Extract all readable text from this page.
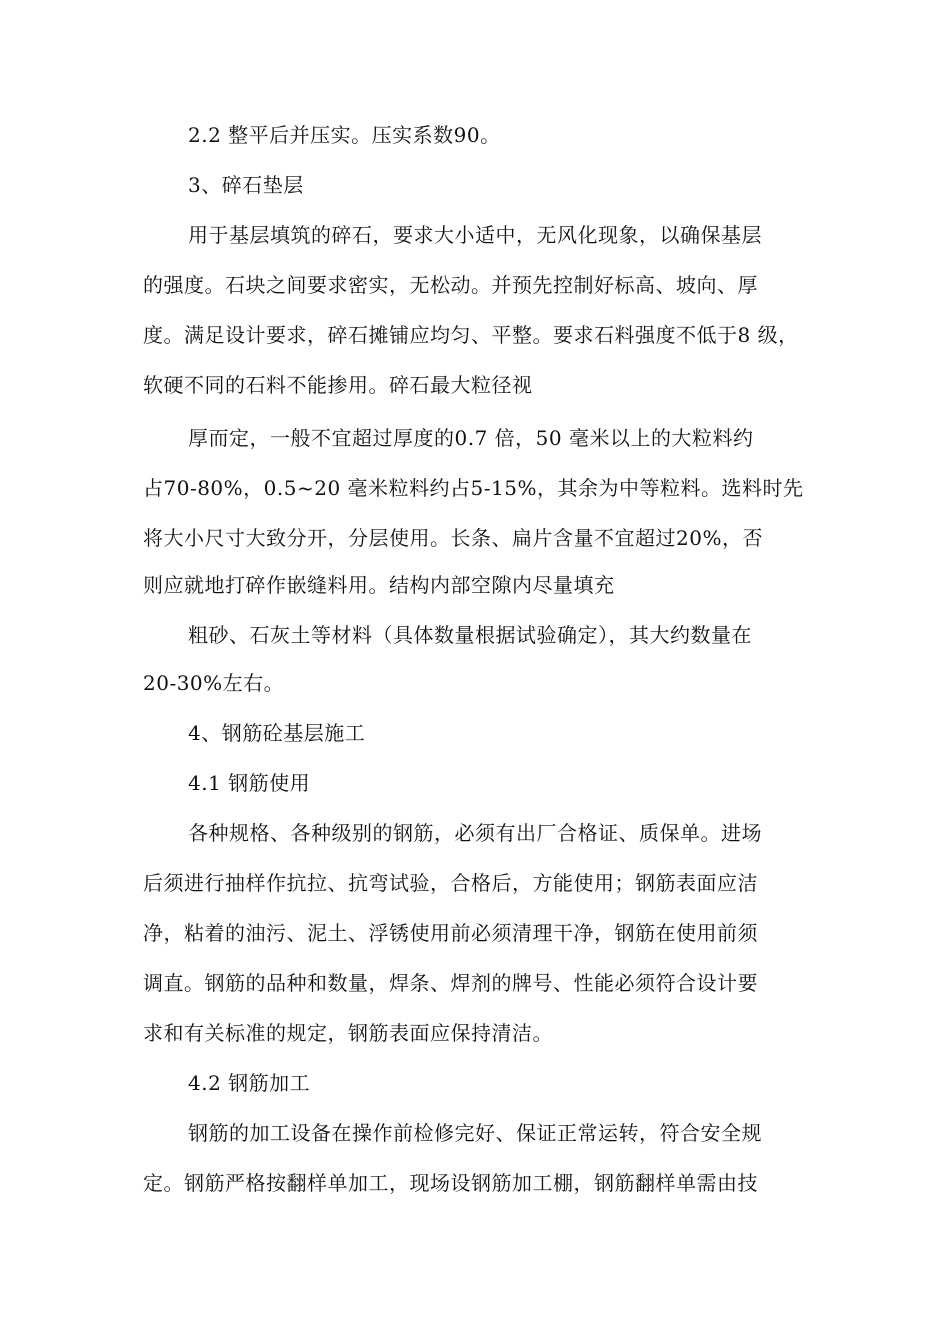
2.2 整平后并压实。压实系数90。
3、碎石垫层
用于基层填筑的碎石，要求大小适中，无风化现象，以确保基层
的强度。石块之间要求密实，无松动。并预先控制好标高、坡向、厚
度。满足设计要求，碎石摊铺应均匀、平整。要求石料强度不低于8 级，
软硬不同的石料不能掺用。碎石最大粒径视
厚而定，一般不宜超过厚度的0.7 倍，50 毫米以上的大粒料约
占70-80%，0.5~20 毫米粒料约占5-15%，其余为中等粒料。选料时先
将大小尺寸大致分开，分层使用。长条、扁片含量不宜超过20%，否
则应就地打碎作嵌缝料用。结构内部空隙内尽量填充
粗砂、石灰土等材料（具体数量根据试验确定），其大约数量在
20-30%左右。
4、钢筋砼基层施工
4.1 钢筋使用
各种规格、各种级别的钢筋，必须有出厂合格证、质保单。进场
后须进行抽样作抗拉、抗弯试验，合格后，方能使用；钢筋表面应洁
净，粘着的油污、泥土、浮锈使用前必须清理干净，钢筋在使用前须
调直。钢筋的品种和数量，焊条、焊剂的牌号、性能必须符合设计要
求和有关标准的规定，钢筋表面应保持清洁。
4.2 钢筋加工
钢筋的加工设备在操作前检修完好、保证正常运转，符合安全规
定。钢筋严格按翻样单加工，现场设钢筋加工棚，钢筋翻样单需由技
